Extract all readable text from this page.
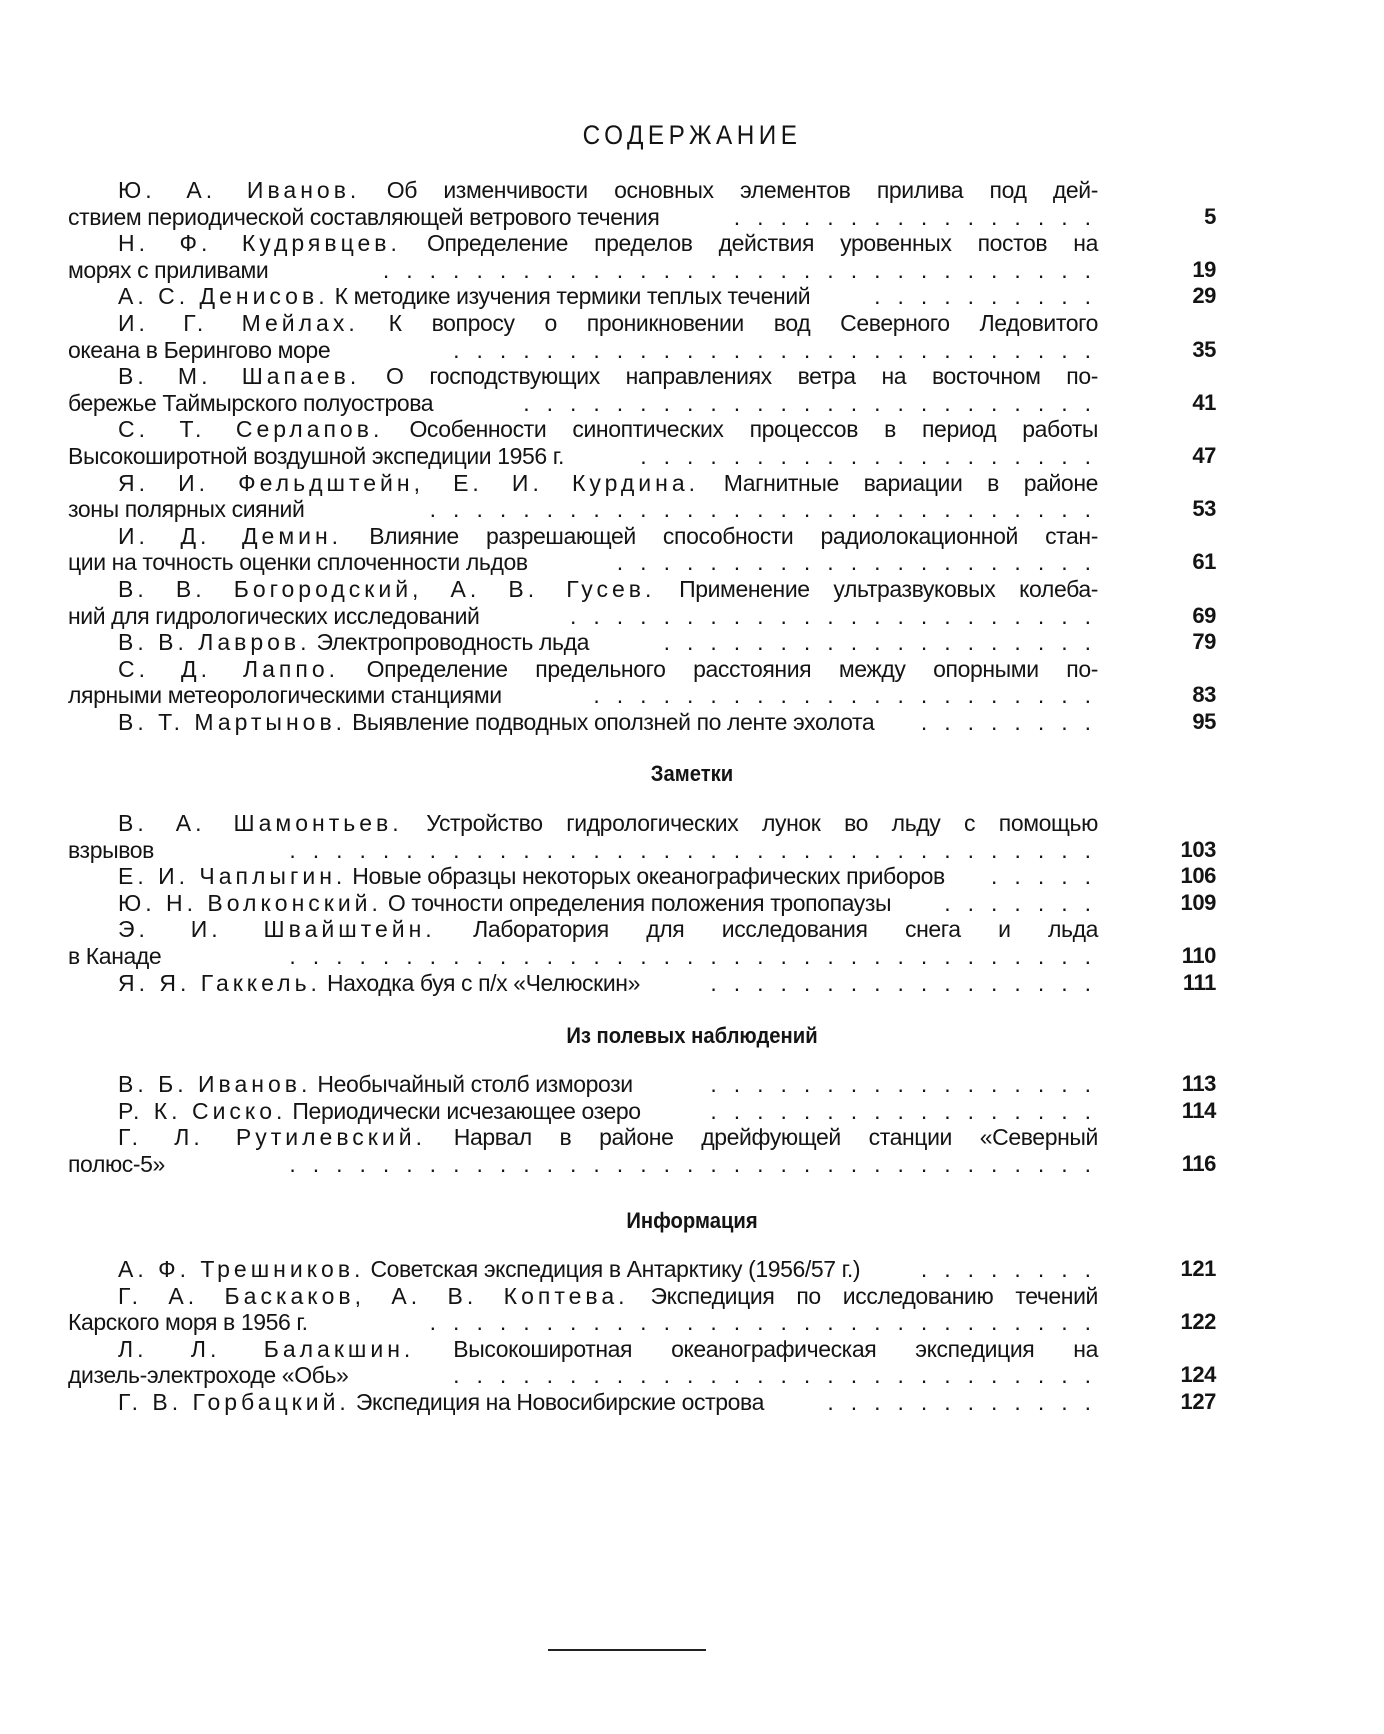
СОДЕРЖАНИЕ
Ю. А. Иванов. Об изменчивости основных элементов прилива под дей-
ствием периодической составляющей ветрового течения	................	5
Н. Ф. Кудрявцев. Определение пределов действия уровенных постов на
морях с приливами	...............................	19
А. С. Денисов. К методике изучения термики теплых течений	..........	29
И. Г. Мейлах. К вопросу о проникновении вод Северного Ледовитого
океана в Берингово море	............................	35
В. М. Шапаев. О господствующих направлениях ветра на восточном по-
бережье Таймырского полуострова	.........................	41
С. Т. Серлапов. Особенности синоптических процессов в период работы
Высокоширотной воздушной экспедиции 1956 г.	....................	47
Я. И. Фельдштейн, Е. И. Курдина. Магнитные вариации в районе
зоны полярных сияний	.............................	53
И. Д. Демин. Влияние разрешающей способности радиолокационной стан-
ции на точность оценки сплоченности льдов	.....................	61
В. В. Богородский, А. В. Гусев. Применение ультразвуковых колеба-
ний для гидрологических исследований	.......................	69
В. В. Лавров. Электропроводность льда	...................	79
С. Д. Лаппо. Определение предельного расстояния между опорными по-
лярными метеорологическими станциями	......................	83
В. Т. Мартынов. Выявление подводных оползней по ленте эхолота	........	95
Заметки
В. А. Шамонтьев. Устройство гидрологических лунок во льду с помощью
взрывов	...................................	103
Е. И. Чаплыгин. Новые образцы некоторых океанографических приборов	.....	106
Ю. Н. Волконский. О точности определения положения тропопаузы	.......	109
Э. И. Швайштейн. Лаборатория для исследования снега и льда
в Канаде	...................................	110
Я. Я. Гаккель. Находка буя с п/х «Челюскин»	.................	111
Из полевых наблюдений
В. Б. Иванов. Необычайный столб изморози	.................	113
Р. К. Сиско. Периодически исчезающее озеро	.................	114
Г. Л. Рутилевский. Нарвал в районе дрейфующей станции «Северный
полюс-5»	...................................	116
Информация
А. Ф. Трешников. Советская экспедиция в Антарктику (1956/57 г.)	........	121
Г. А. Баскаков, А. В. Коптева. Экспедиция по исследованию течений
Карского моря в 1956 г.	.............................	122
Л. Л. Балакшин. Высокоширотная океанографическая экспедиция на
дизель-электроходе «Обь»	............................	124
Г. В. Горбацкий. Экспедиция на Новосибирские острова	............	127
